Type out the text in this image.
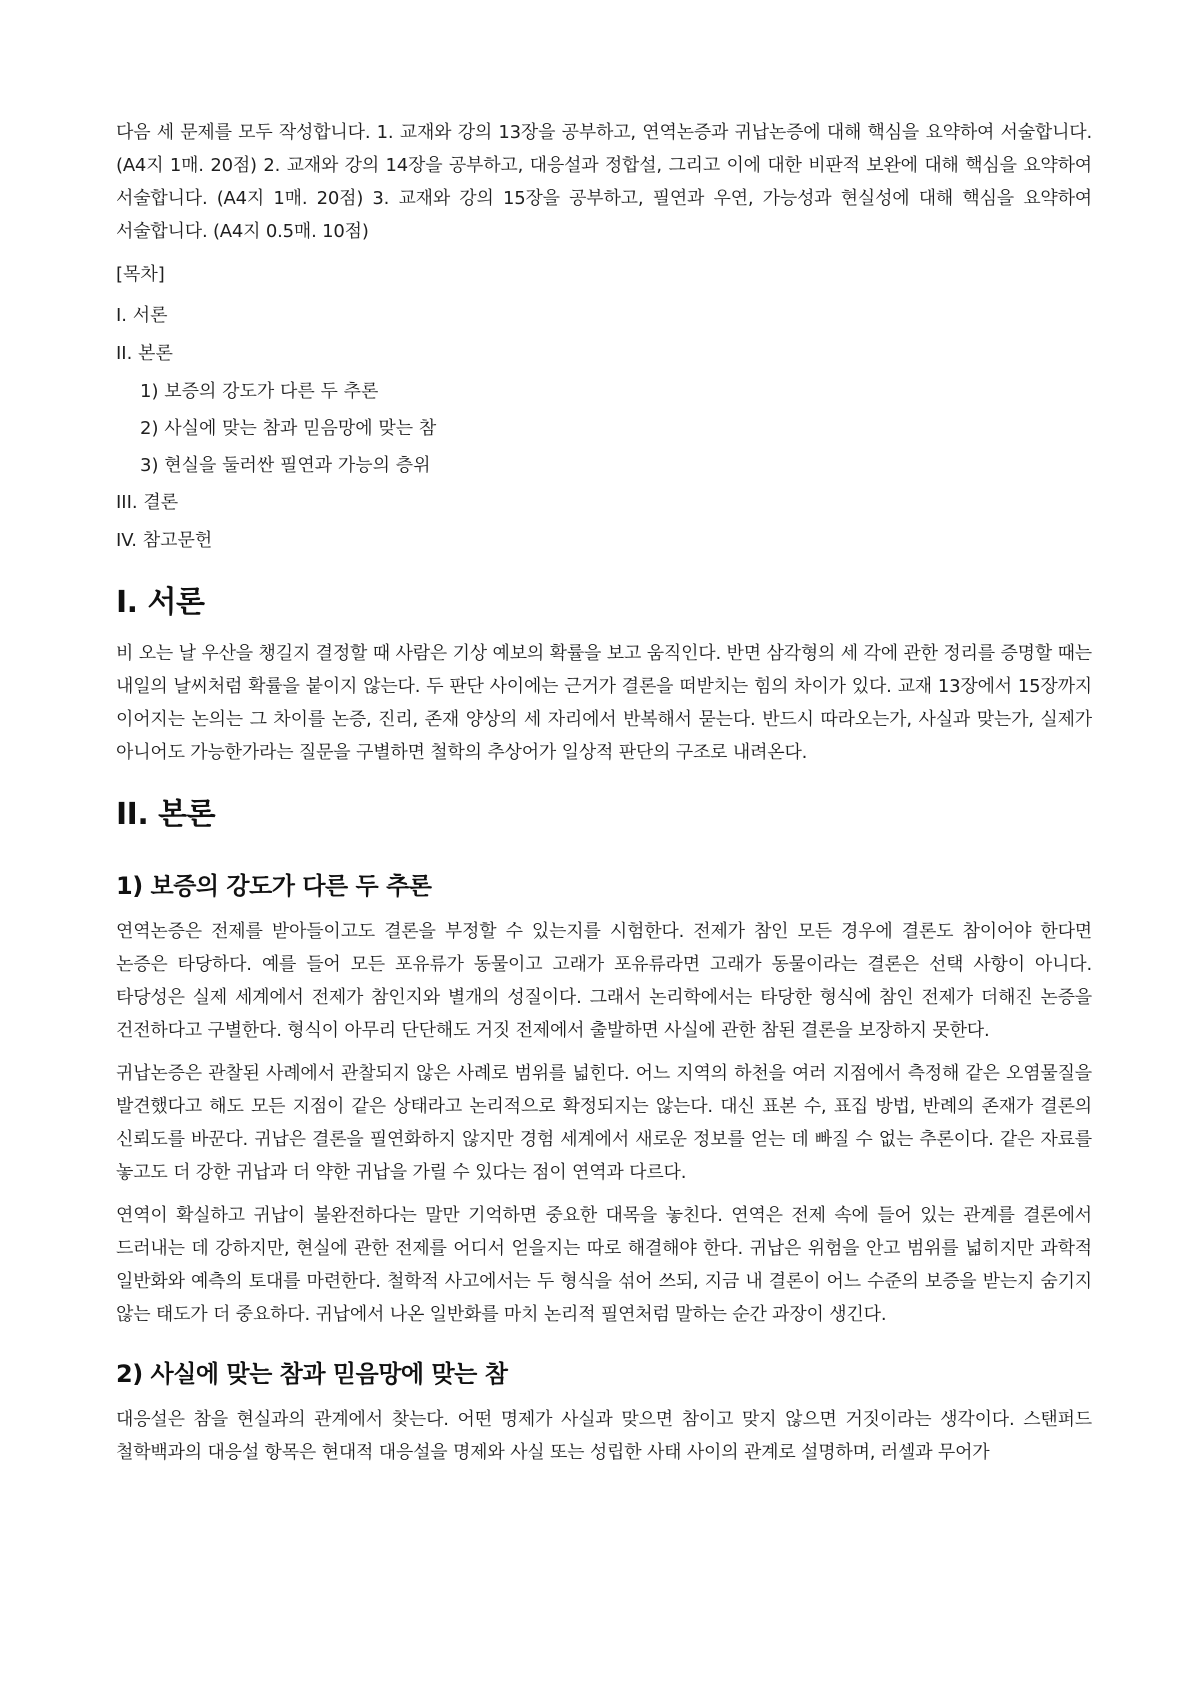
다음 세 문제를 모두 작성합니다. 1. 교재와 강의 13장을 공부하고, 연역논증과 귀납논증에 대해 핵심을 요약하여 서술합니다. (A4지 1매. 20점) 2. 교재와 강의 14장을 공부하고, 대응설과 정합설, 그리고 이에 대한 비판적 보완에 대해 핵심을 요약하여 서술합니다. (A4지 1매. 20점) 3. 교재와 강의 15장을 공부하고, 필연과 우연, 가능성과 현실성에 대해 핵심을 요약하여 서술합니다. (A4지 0.5매. 10점)

[목차]
I. 서론
II. 본론
1) 보증의 강도가 다른 두 추론
2) 사실에 맞는 참과 믿음망에 맞는 참
3) 현실을 둘러싼 필연과 가능의 층위
III. 결론
IV. 참고문헌
I. 서론

비 오는 날 우산을 챙길지 결정할 때 사람은 기상 예보의 확률을 보고 움직인다. 반면 삼각형의 세 각에 관한 정리를 증명할 때는 내일의 날씨처럼 확률을 붙이지 않는다. 두 판단 사이에는 근거가 결론을 떠받치는 힘의 차이가 있다. 교재 13장에서 15장까지 이어지는 논의는 그 차이를 논증, 진리, 존재 양상의 세 자리에서 반복해서 묻는다. 반드시 따라오는가, 사실과 맞는가, 실제가 아니어도 가능한가라는 질문을 구별하면 철학의 추상어가 일상적 판단의 구조로 내려온다.

II. 본론
1) 보증의 강도가 다른 두 추론

연역논증은 전제를 받아들이고도 결론을 부정할 수 있는지를 시험한다. 전제가 참인 모든 경우에 결론도 참이어야 한다면 논증은 타당하다. 예를 들어 모든 포유류가 동물이고 고래가 포유류라면 고래가 동물이라는 결론은 선택 사항이 아니다. 타당성은 실제 세계에서 전제가 참인지와 별개의 성질이다. 그래서 논리학에서는 타당한 형식에 참인 전제가 더해진 논증을 건전하다고 구별한다. 형식이 아무리 단단해도 거짓 전제에서 출발하면 사실에 관한 참된 결론을 보장하지 못한다.

귀납논증은 관찰된 사례에서 관찰되지 않은 사례로 범위를 넓힌다. 어느 지역의 하천을 여러 지점에서 측정해 같은 오염물질을 발견했다고 해도 모든 지점이 같은 상태라고 논리적으로 확정되지는 않는다. 대신 표본 수, 표집 방법, 반례의 존재가 결론의 신뢰도를 바꾼다. 귀납은 결론을 필연화하지 않지만 경험 세계에서 새로운 정보를 얻는 데 빠질 수 없는 추론이다. 같은 자료를 놓고도 더 강한 귀납과 더 약한 귀납을 가릴 수 있다는 점이 연역과 다르다.

연역이 확실하고 귀납이 불완전하다는 말만 기억하면 중요한 대목을 놓친다. 연역은 전제 속에 들어 있는 관계를 결론에서 드러내는 데 강하지만, 현실에 관한 전제를 어디서 얻을지는 따로 해결해야 한다. 귀납은 위험을 안고 범위를 넓히지만 과학적 일반화와 예측의 토대를 마련한다. 철학적 사고에서는 두 형식을 섞어 쓰되, 지금 내 결론이 어느 수준의 보증을 받는지 숨기지 않는 태도가 더 중요하다. 귀납에서 나온 일반화를 마치 논리적 필연처럼 말하는 순간 과장이 생긴다.

2) 사실에 맞는 참과 믿음망에 맞는 참

대응설은 참을 현실과의 관계에서 찾는다. 어떤 명제가 사실과 맞으면 참이고 맞지 않으면 거짓이라는 생각이다. 스탠퍼드 철학백과의 대응설 항목은 현대적 대응설을 명제와 사실 또는 성립한 사태 사이의 관계로 설명하며, 러셀과 무어가
